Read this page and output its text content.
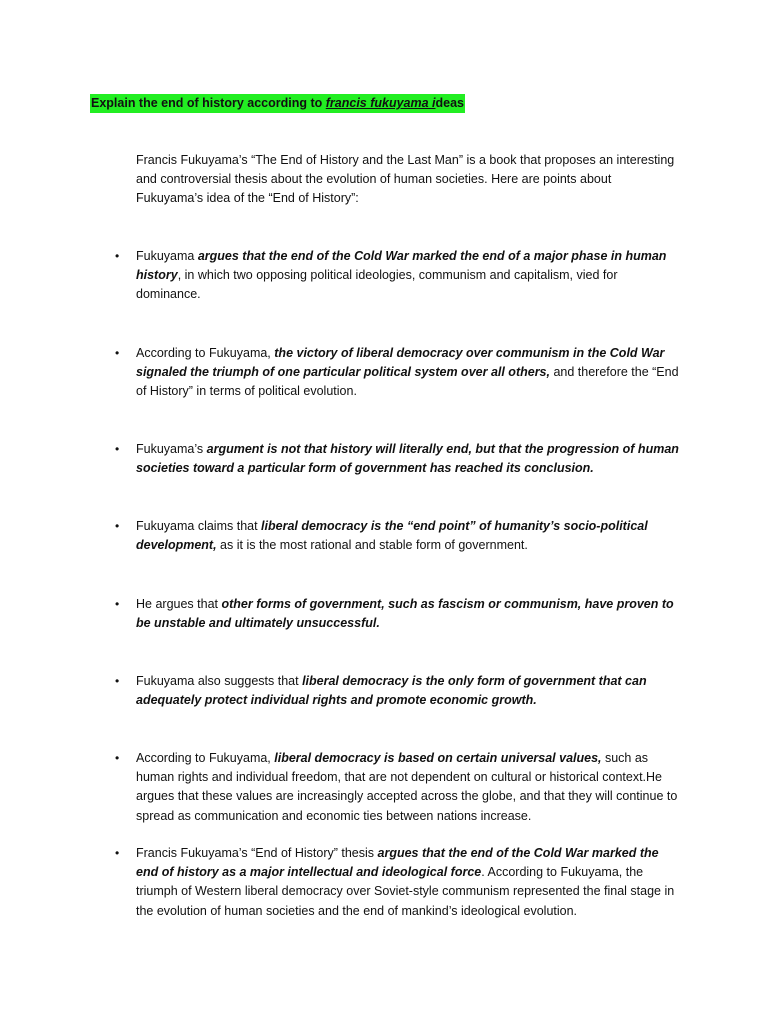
Explain the end of history according to francis fukuyama ideas
Francis Fukuyama’s “The End of History and the Last Man” is a book that proposes an interesting and controversial thesis about the evolution of human societies. Here are points about Fukuyama’s idea of the “End of History”:
• Fukuyama argues that the end of the Cold War marked the end of a major phase in human history, in which two opposing political ideologies, communism and capitalism, vied for dominance.
• According to Fukuyama, the victory of liberal democracy over communism in the Cold War signaled the triumph of one particular political system over all others, and therefore the “End of History” in terms of political evolution.
• Fukuyama’s argument is not that history will literally end, but that the progression of human societies toward a particular form of government has reached its conclusion.
• Fukuyama claims that liberal democracy is the “end point” of humanity’s socio-political development, as it is the most rational and stable form of government.
• He argues that other forms of government, such as fascism or communism, have proven to be unstable and ultimately unsuccessful.
• Fukuyama also suggests that liberal democracy is the only form of government that can adequately protect individual rights and promote economic growth.
• According to Fukuyama, liberal democracy is based on certain universal values, such as human rights and individual freedom, that are not dependent on cultural or historical context.He argues that these values are increasingly accepted across the globe, and that they will continue to spread as communication and economic ties between nations increase.
• Francis Fukuyama’s “End of History” thesis argues that the end of the Cold War marked the end of history as a major intellectual and ideological force. According to Fukuyama, the triumph of Western liberal democracy over Soviet-style communism represented the final stage in the evolution of human societies and the end of mankind’s ideological evolution.
